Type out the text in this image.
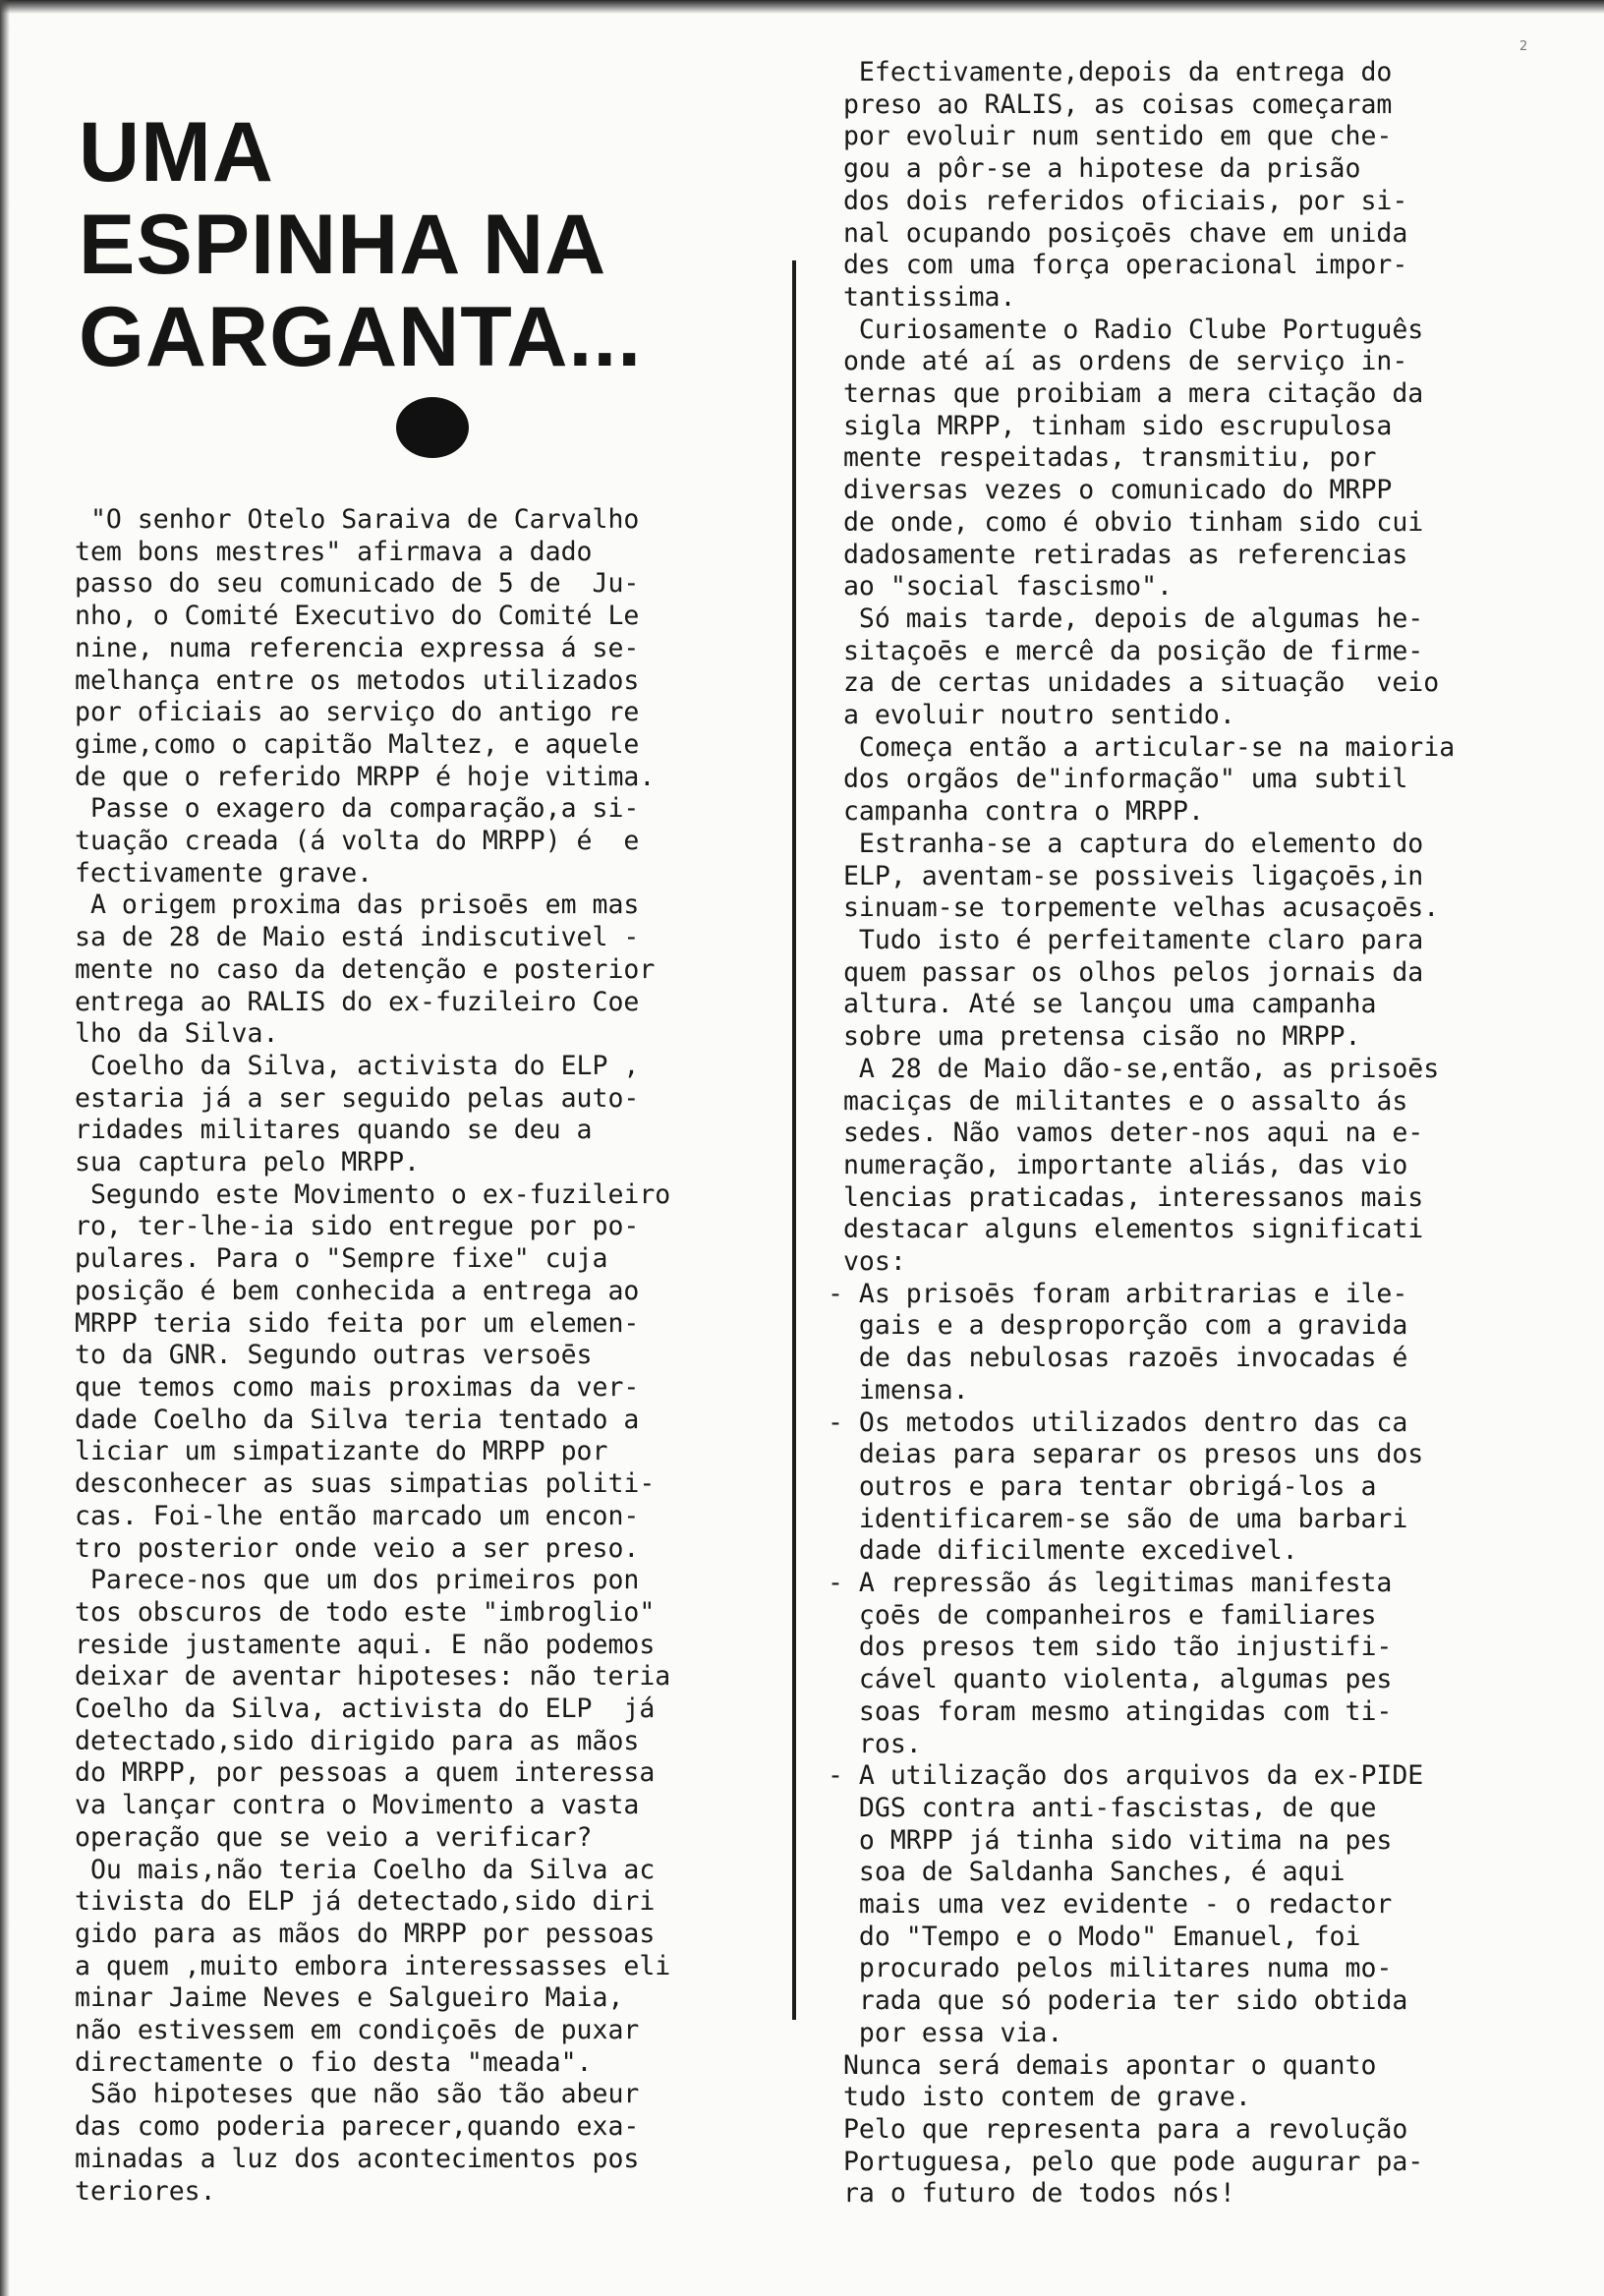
2
UMA
ESPINHA NA
GARGANTA...

"O senhor Otelo Saraiva de Carvalho
tem bons mestres" afirmava a dado
passo do seu comunicado de 5 de  Ju-
nho, o Comité Executivo do Comité Le
nine, numa referencia expressa á se-
melhança entre os metodos utilizados
por oficiais ao serviço do antigo re
gime,como o capitão Maltez, e aquele
de que o referido MRPP é hoje vitima.

Passe o exagero da comparação,a si-
tuação creada (á volta do MRPP) é  e
fectivamente grave.

A origem proxima das prisoēs em mas
sa de 28 de Maio está indiscutivel -
mente no caso da detenção e posterior
entrega ao RALIS do ex-fuzileiro Coe
lho da Silva.

Coelho da Silva, activista do ELP ,
estaria já a ser seguido pelas auto-
ridades militares quando se deu a
sua captura pelo MRPP.

Segundo este Movimento o ex-fuzileiro
ro, ter-lhe-ia sido entregue por po-
pulares. Para o "Sempre fixe" cuja
posição é bem conhecida a entrega ao
MRPP teria sido feita por um elemen-
to da GNR. Segundo outras versoēs
que temos como mais proximas da ver-
dade Coelho da Silva teria tentado a
liciar um simpatizante do MRPP por
desconhecer as suas simpatias politi-
cas. Foi-lhe então marcado um encon-
tro posterior onde veio a ser preso.

Parece-nos que um dos primeiros pon
tos obscuros de todo este "imbroglio"
reside justamente aqui. E não podemos
deixar de aventar hipoteses: não teria
Coelho da Silva, activista do ELP  já
detectado,sido dirigido para as mãos
do MRPP, por pessoas a quem interessa
va lançar contra o Movimento a vasta
operação que se veio a verificar?

Ou mais,não teria Coelho da Silva ac
tivista do ELP já detectado,sido diri
gido para as mãos do MRPP por pessoas
a quem ,muito embora interessasses eli
minar Jaime Neves e Salgueiro Maia,
não estivessem em condiçoēs de puxar
directamente o fio desta "meada".

São hipoteses que não são tão abeur
das como poderia parecer,quando exa-
minadas a luz dos acontecimentos pos
teriores.

Efectivamente,depois da entrega do
preso ao RALIS, as coisas começaram
por evoluir num sentido em que che-
gou a pôr-se a hipotese da prisão
dos dois referidos oficiais, por si-
nal ocupando posiçoēs chave em unida
des com uma força operacional impor-
tantissima.

Curiosamente o Radio Clube Português
onde até aí as ordens de serviço in-
ternas que proibiam a mera citação da
sigla MRPP, tinham sido escrupulosa
mente respeitadas, transmitiu, por
diversas vezes o comunicado do MRPP
de onde, como é obvio tinham sido cui
dadosamente retiradas as referencias
ao "social fascismo".

Só mais tarde, depois de algumas he-
sitaçoēs e mercê da posição de firme-
za de certas unidades a situação  veio
a evoluir noutro sentido.

Começa então a articular-se na maioria
dos orgãos de"informação" uma subtil
campanha contra o MRPP.

Estranha-se a captura do elemento do
ELP, aventam-se possiveis ligaçoēs,in
sinuam-se torpemente velhas acusaçoēs.

Tudo isto é perfeitamente claro para
quem passar os olhos pelos jornais da
altura. Até se lançou uma campanha
sobre uma pretensa cisão no MRPP.

A 28 de Maio dão-se,então, as prisoēs
maciças de militantes e o assalto ás
sedes. Não vamos deter-nos aqui na e-
numeração, importante aliás, das vio
lencias praticadas, interessanos mais
destacar alguns elementos significati
vos:

- As prisoēs foram arbitrarias e ile-
gais e a desproporção com a gravida
de das nebulosas razoēs invocadas é
imensa.

- Os metodos utilizados dentro das ca
deias para separar os presos uns dos
outros e para tentar obrigá-los a
identificarem-se são de uma barbari
dade dificilmente excedivel.

- A repressão ás legitimas manifesta
çoēs de companheiros e familiares
dos presos tem sido tão injustifi-
cável quanto violenta, algumas pes
soas foram mesmo atingidas com ti-
ros.

- A utilização dos arquivos da ex-PIDE
DGS contra anti-fascistas, de que
o MRPP já tinha sido vitima na pes
soa de Saldanha Sanches, é aqui
mais uma vez evidente - o redactor
do "Tempo e o Modo" Emanuel, foi
procurado pelos militares numa mo-
rada que só poderia ter sido obtida
por essa via.

Nunca será demais apontar o quanto
tudo isto contem de grave.

Pelo que representa para a revolução
Portuguesa, pelo que pode augurar pa-
ra o futuro de todos nós!
